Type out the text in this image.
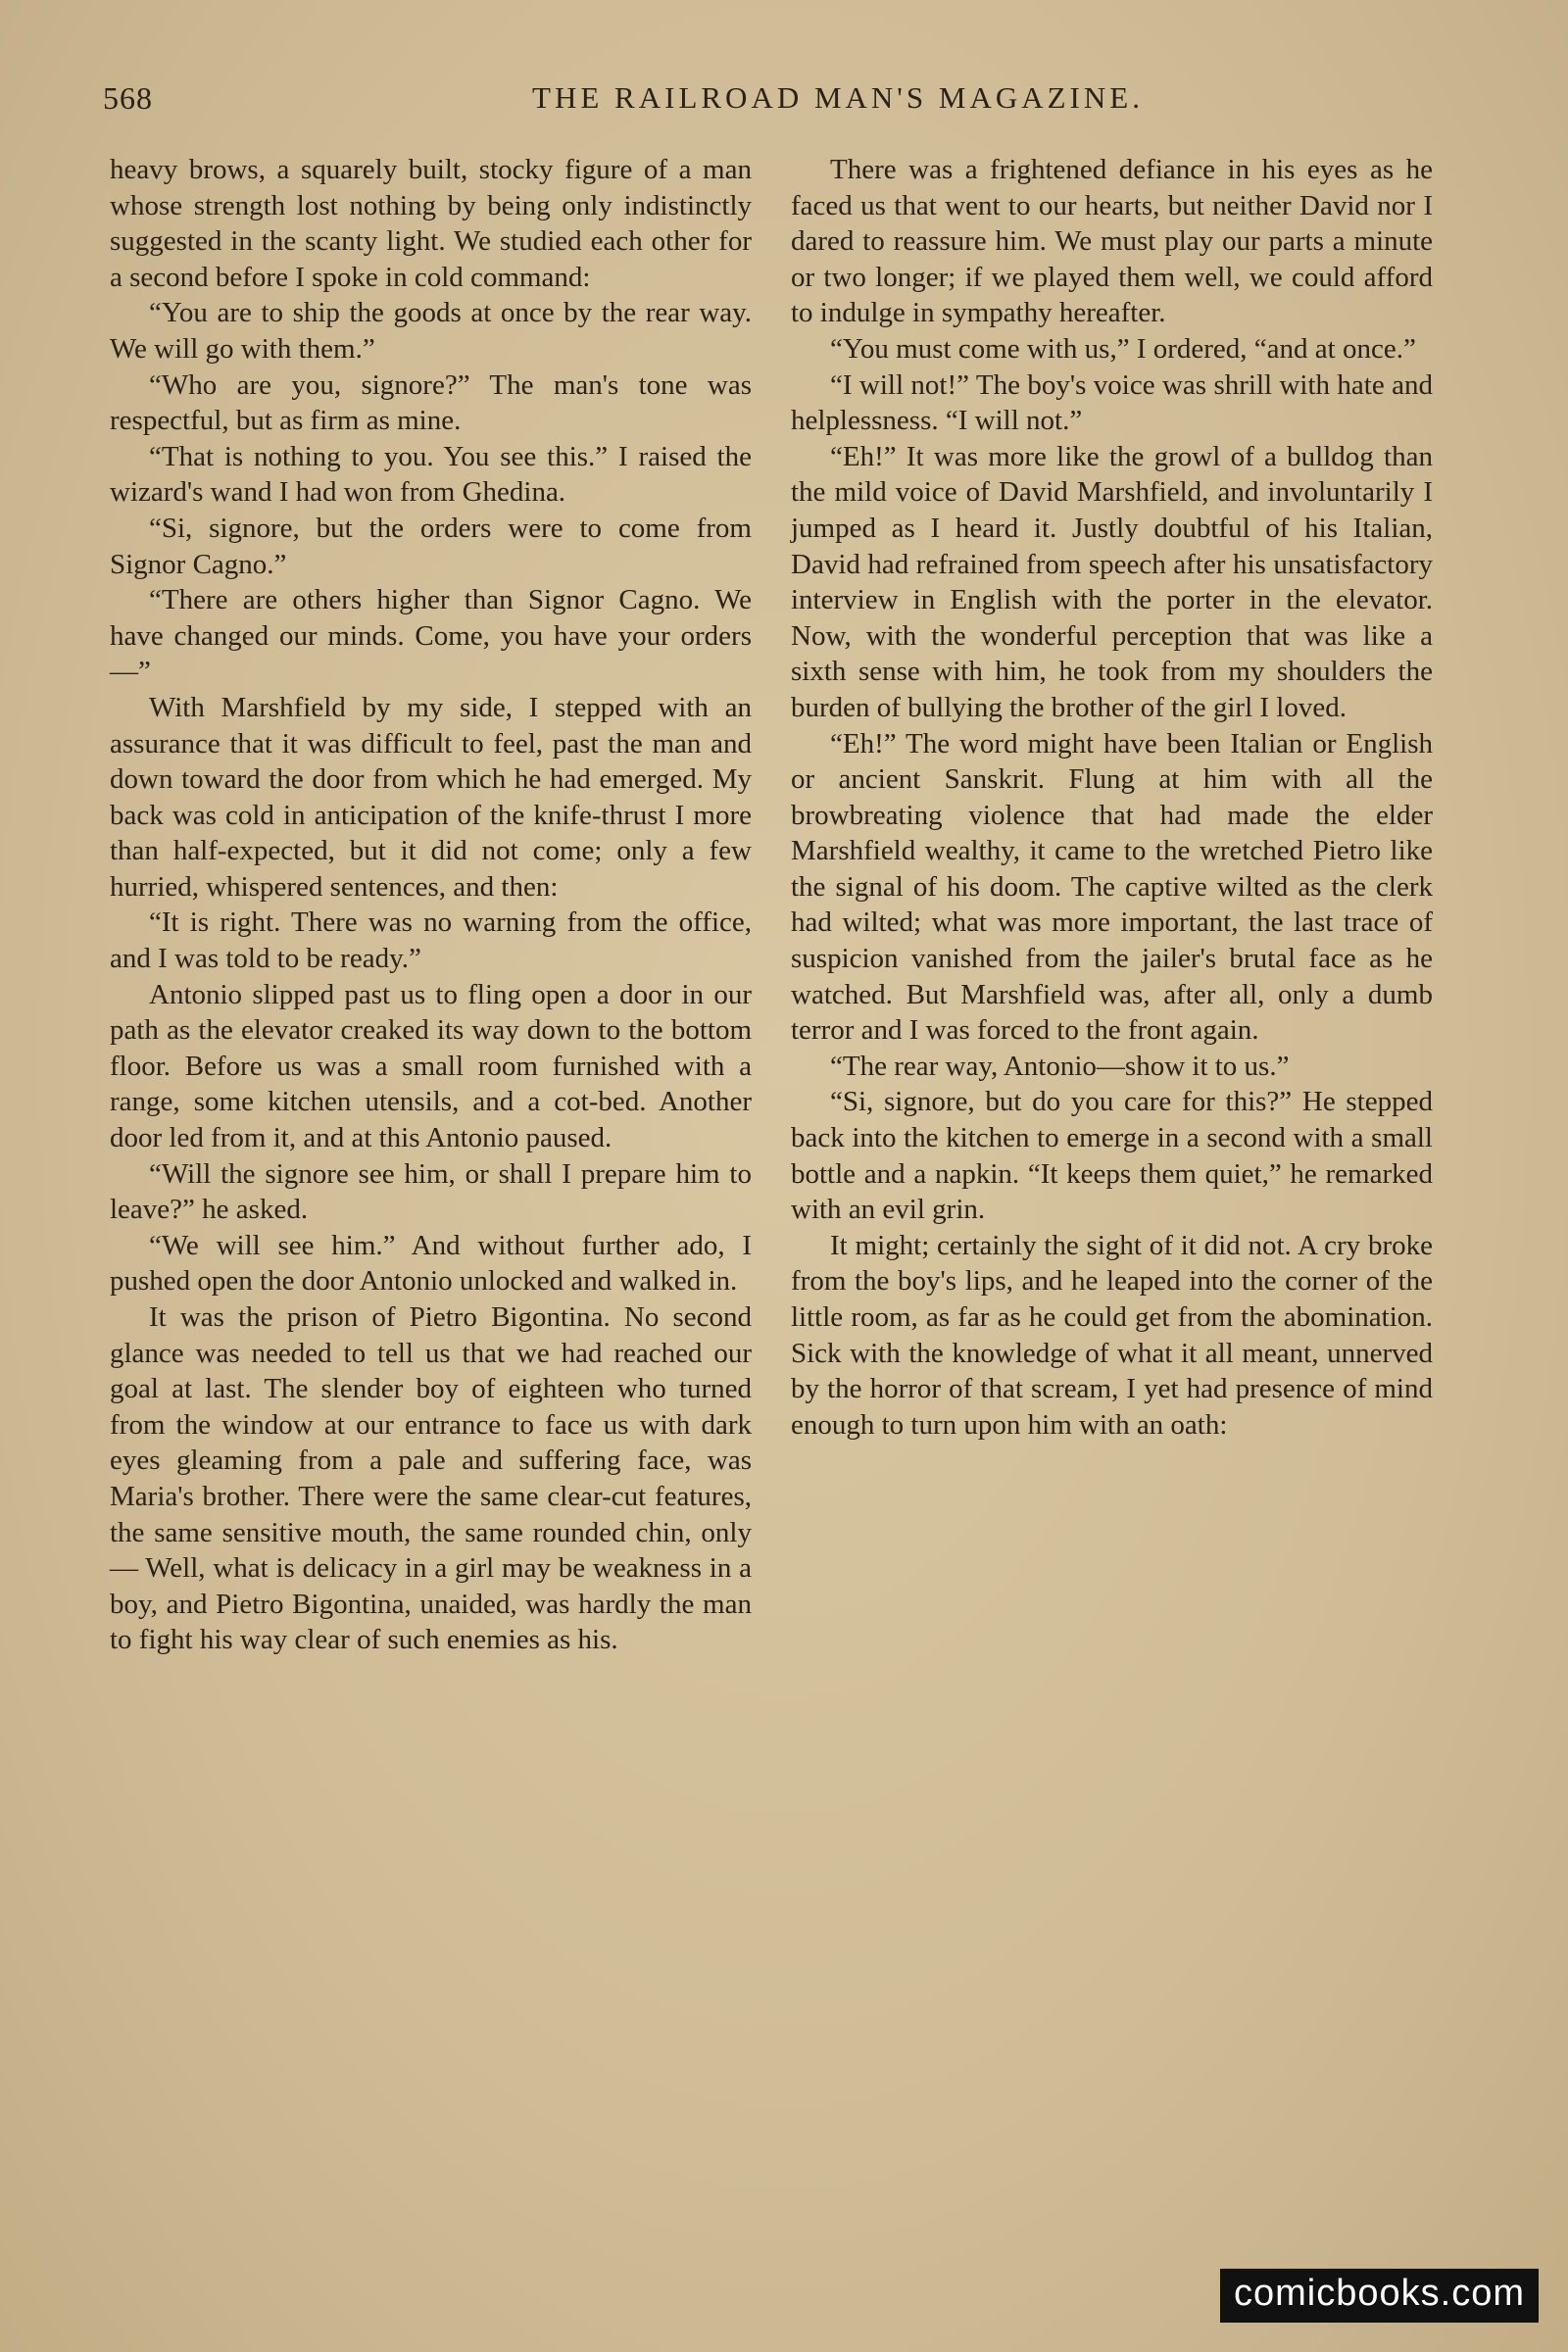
568	THE RAILROAD MAN'S MAGAZINE.

heavy brows, a squarely built, stocky figure of a man whose strength lost nothing by being only indistinctly suggested in the scanty light. We studied each other for a second before I spoke in cold command:

“You are to ship the goods at once by the rear way. We will go with them.”

“Who are you, signore?” The man's tone was respectful, but as firm as mine.

“That is nothing to you. You see this.” I raised the wizard's wand I had won from Ghedina.

“Si, signore, but the orders were to come from Signor Cagno.”

“There are others higher than Signor Cagno. We have changed our minds. Come, you have your orders—”

With Marshfield by my side, I stepped with an assurance that it was difficult to feel, past the man and down toward the door from which he had emerged. My back was cold in anticipation of the knife-thrust I more than half-expected, but it did not come; only a few hurried, whispered sentences, and then:

“It is right. There was no warning from the office, and I was told to be ready.”

Antonio slipped past us to fling open a door in our path as the elevator creaked its way down to the bottom floor. Before us was a small room furnished with a range, some kitchen utensils, and a cot-bed. Another door led from it, and at this Antonio paused.

“Will the signore see him, or shall I prepare him to leave?” he asked.

“We will see him.” And without further ado, I pushed open the door Antonio unlocked and walked in.

It was the prison of Pietro Bigontina. No second glance was needed to tell us that we had reached our goal at last. The slender boy of eighteen who turned from the window at our entrance to face us with dark eyes gleaming from a pale and suffering face, was Maria's brother. There were the same clear-cut features, the same sensitive mouth, the same rounded chin, only— Well, what is delicacy in a girl may be weakness in a boy, and Pietro Bigontina, unaided, was hardly the man to fight his way clear of such enemies as his.

There was a frightened defiance in his eyes as he faced us that went to our hearts, but neither David nor I dared to reassure him. We must play our parts a minute or two longer; if we played them well, we could afford to indulge in sympathy hereafter.

“You must come with us,” I ordered, “and at once.”

“I will not!” The boy's voice was shrill with hate and helplessness. “I will not.”

“Eh!” It was more like the growl of a bulldog than the mild voice of David Marshfield, and involuntarily I jumped as I heard it. Justly doubtful of his Italian, David had refrained from speech after his unsatisfactory interview in English with the porter in the elevator. Now, with the wonderful perception that was like a sixth sense with him, he took from my shoulders the burden of bullying the brother of the girl I loved.

“Eh!” The word might have been Italian or English or ancient Sanskrit. Flung at him with all the browbreating violence that had made the elder Marshfield wealthy, it came to the wretched Pietro like the signal of his doom. The captive wilted as the clerk had wilted; what was more important, the last trace of suspicion vanished from the jailer's brutal face as he watched. But Marshfield was, after all, only a dumb terror and I was forced to the front again.

“The rear way, Antonio—show it to us.”

“Si, signore, but do you care for this?” He stepped back into the kitchen to emerge in a second with a small bottle and a napkin. “It keeps them quiet,” he remarked with an evil grin.

It might; certainly the sight of it did not. A cry broke from the boy's lips, and he leaped into the corner of the little room, as far as he could get from the abomination. Sick with the knowledge of what it all meant, unnerved by the horror of that scream, I yet had presence of mind enough to turn upon him with an oath:

comicbooks.com
